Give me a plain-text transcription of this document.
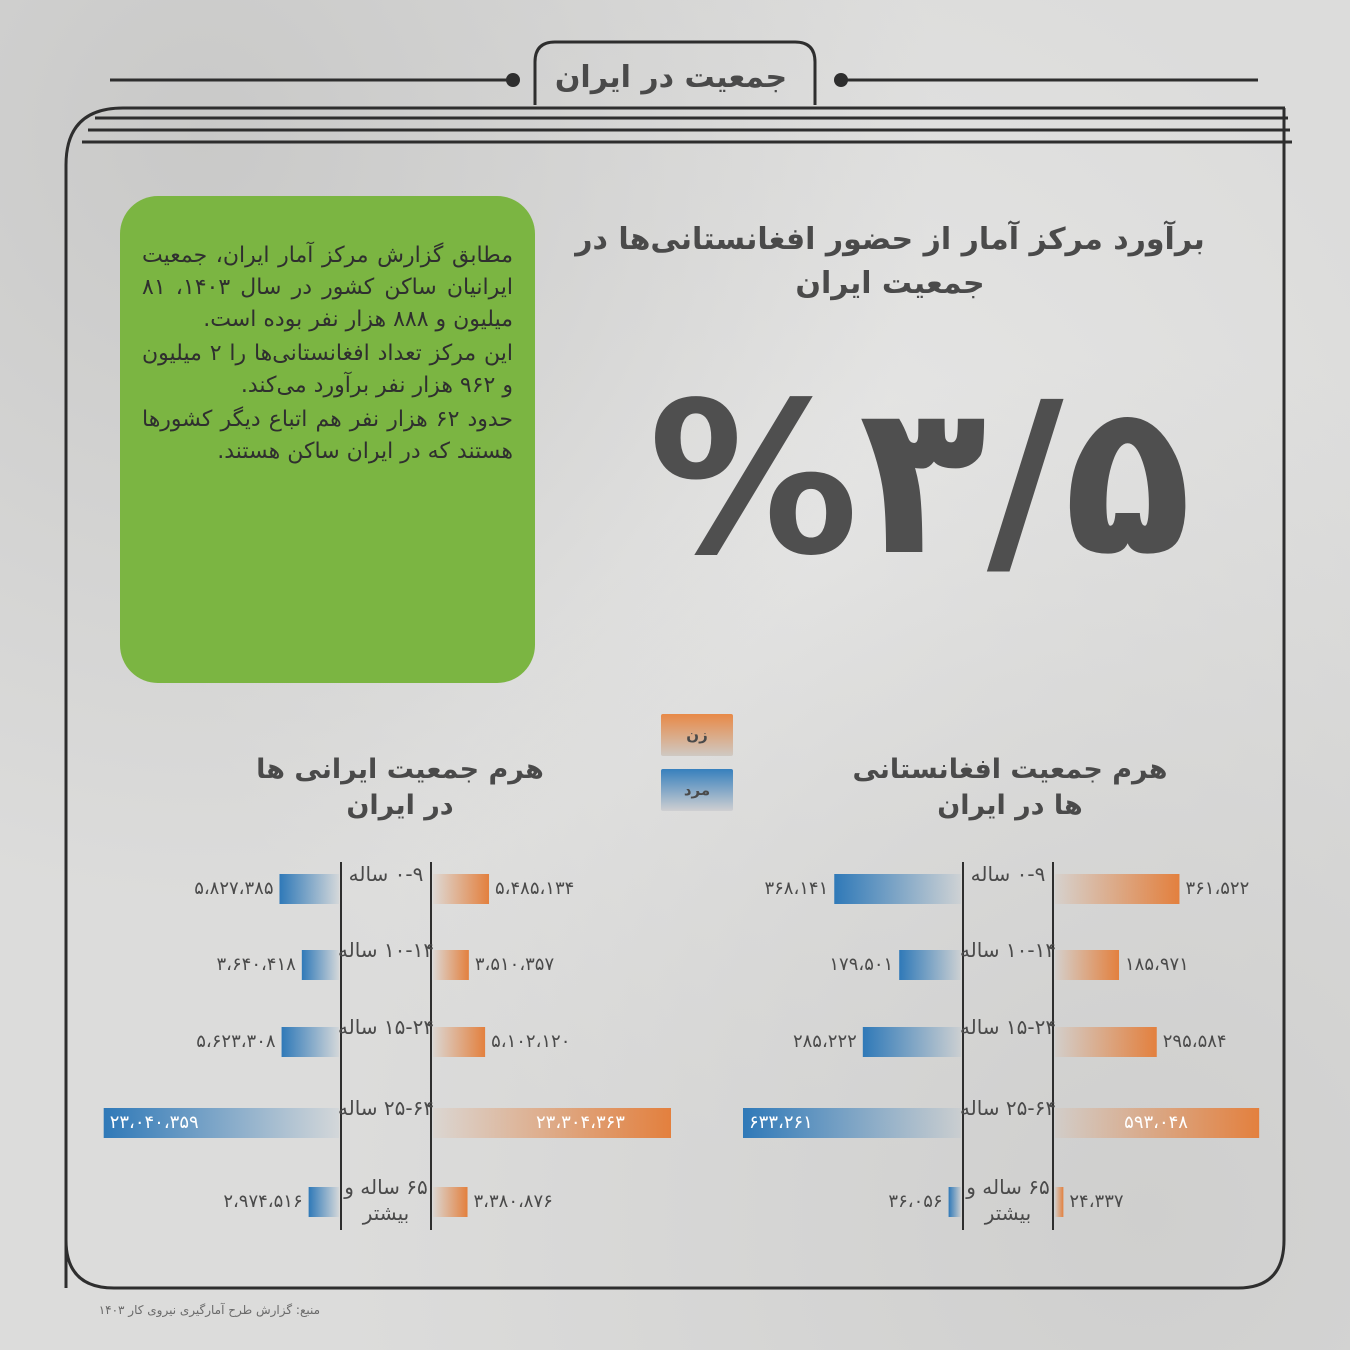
جمعیت در ایران
برآورد مرکز آمار از حضور افغانستانی‌ها در جمعیت ایران
%۳/۵

مطابق گزارش مرکز آمار ایران، جمعیت ایرانیان ساکن کشور در سال ۱۴۰۳، ۸۱ میلیون و ۸۸۸ هزار نفر بوده است.

این مرکز تعداد افغانستانی‌ها را ۲ میلیون و ۹۶۲ هزار نفر برآورد می‌کند.

حدود ۶۲ هزار نفر هم اتباع دیگر کشورها هستند که در ایران ساکن هستند.

زن
مرد
هرم جمعیت ایرانی ها در ایران
هرم جمعیت افغانستانی ها در ایران
۰-۹ ساله
۵،۴۸۵،۱۳۴
۵،۸۲۷،۳۸۵
۱۰-۱۴ ساله
۳،۵۱۰،۳۵۷
۳،۶۴۰،۴۱۸
۱۵-۲۴ ساله
۵،۱۰۲،۱۲۰
۵،۶۲۳،۳۰۸
۲۵-۶۴ ساله
۲۳،۳۰۴،۳۶۳
۲۳،۰۴۰،۳۵۹
۶۵ ساله و بیشتر	۳،۳۸۰،۸۷۶
۲،۹۷۴،۵۱۶
۰-۹ ساله
۳۶۱،۵۲۲
۳۶۸،۱۴۱
۱۰-۱۴ ساله
۱۸۵،۹۷۱
۱۷۹،۵۰۱
۱۵-۲۴ ساله
۲۹۵،۵۸۴
۲۸۵،۲۲۲
۲۵-۶۴ ساله
۵۹۳،۰۴۸
۶۳۳،۲۶۱
۶۵ ساله و بیشتر	۲۴،۳۳۷
۳۶،۰۵۶
منبع: گزارش طرح آمارگیری نیروی کار ۱۴۰۳
